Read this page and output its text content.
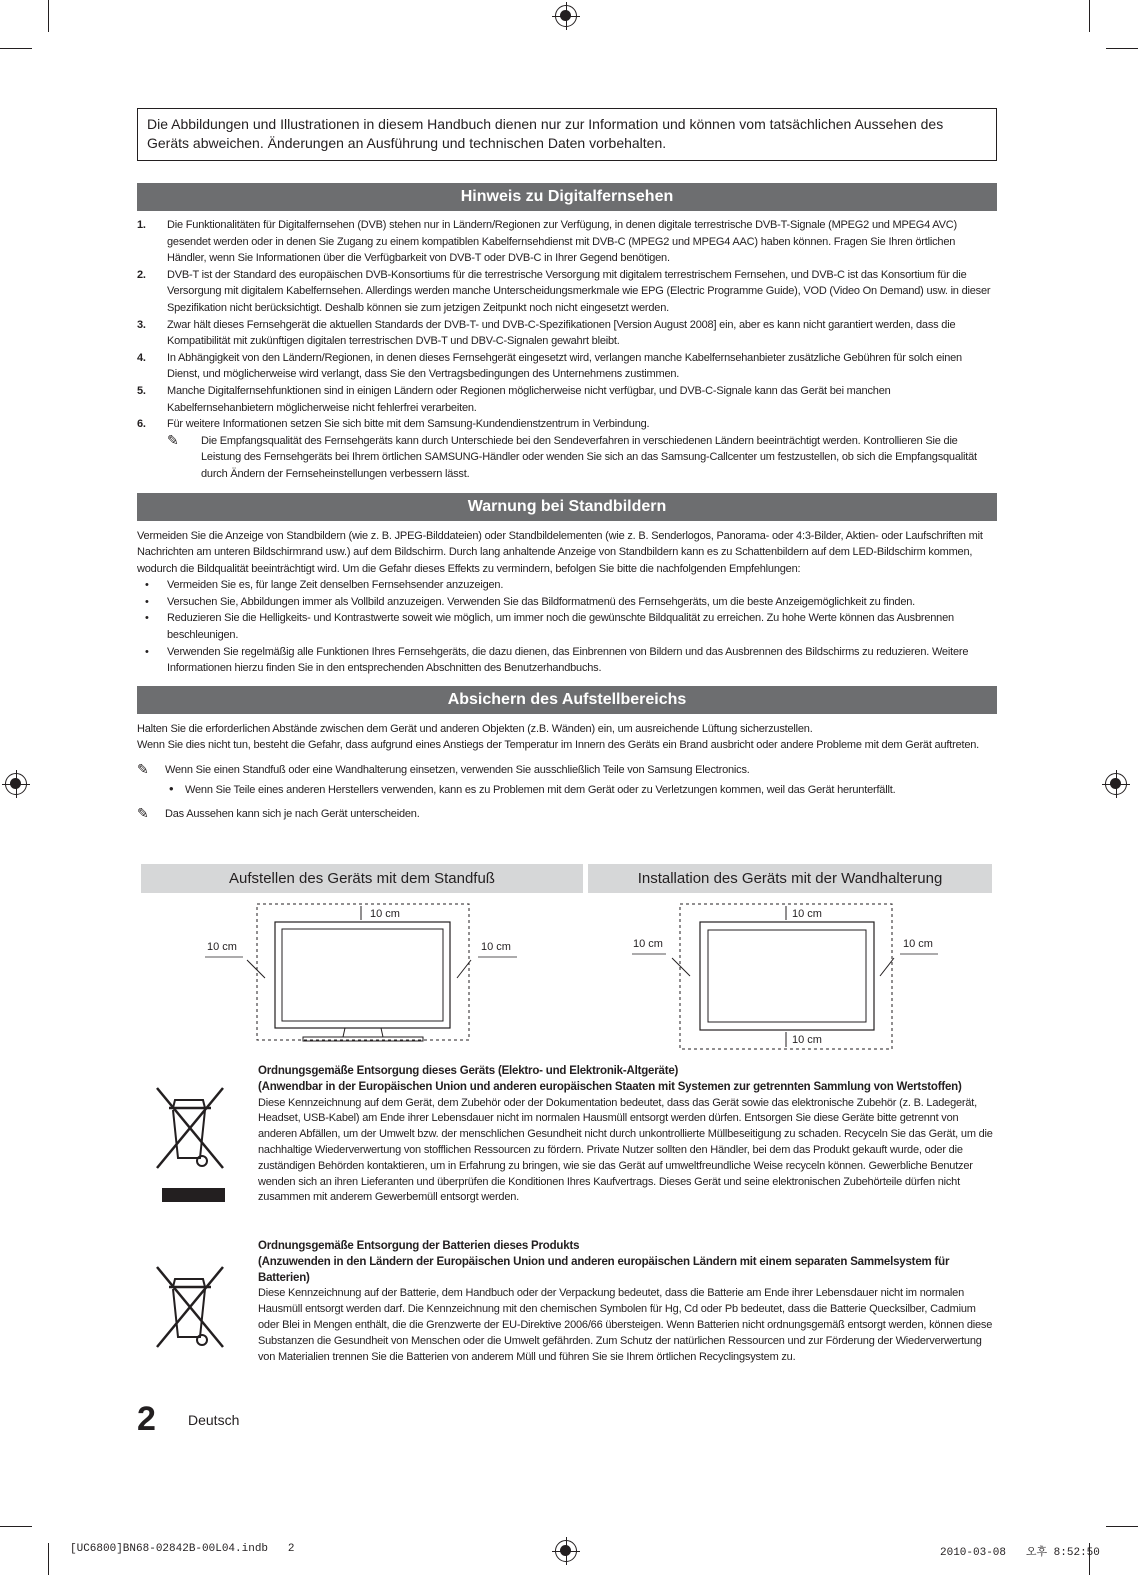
Die Abbildungen und Illustrationen in diesem Handbuch dienen nur zur Information und können vom tatsächlichen Aussehen des Geräts abweichen. Änderungen an Ausführung und technischen Daten vorbehalten.
Hinweis zu Digitalfernsehen
1. Die Funktionalitäten für Digitalfernsehen (DVB) stehen nur in Ländern/Regionen zur Verfügung, in denen digitale terrestrische DVB-T-Signale (MPEG2 und MPEG4 AVC) gesendet werden oder in denen Sie Zugang zu einem kompatiblen Kabelfernsehdienst mit DVB-C (MPEG2 und MPEG4 AAC) haben können. Fragen Sie Ihren örtlichen Händler, wenn Sie Informationen über die Verfügbarkeit von DVB-T oder DVB-C in Ihrer Gegend benötigen.
2. DVB-T ist der Standard des europäischen DVB-Konsortiums für die terrestrische Versorgung mit digitalem terrestrischem Fernsehen, und DVB-C ist das Konsortium für die Versorgung mit digitalem Kabelfernsehen. Allerdings werden manche Unterscheidungsmerkmale wie EPG (Electric Programme Guide), VOD (Video On Demand) usw. in dieser Spezifikation nicht berücksichtigt. Deshalb können sie zum jetzigen Zeitpunkt noch nicht eingesetzt werden.
3. Zwar hält dieses Fernsehgerät die aktuellen Standards der DVB-T- und DVB-C-Spezifikationen [Version August 2008] ein, aber es kann nicht garantiert werden, dass die Kompatibilität mit zukünftigen digitalen terrestrischen DVB-T und DBV-C-Signalen gewahrt bleibt.
4. In Abhängigkeit von den Ländern/Regionen, in denen dieses Fernsehgerät eingesetzt wird, verlangen manche Kabelfernsehanbieter zusätzliche Gebühren für solch einen Dienst, und möglicherweise wird verlangt, dass Sie den Vertragsbedingungen des Unternehmens zustimmen.
5. Manche Digitalfernsehfunktionen sind in einigen Ländern oder Regionen möglicherweise nicht verfügbar, und DVB-C-Signale kann das Gerät bei manchen Kabelfernsehanbietern möglicherweise nicht fehlerfrei verarbeiten.
6. Für weitere Informationen setzen Sie sich bitte mit dem Samsung-Kundendienstzentrum in Verbindung.
✎ Die Empfangsqualität des Fernsehgeräts kann durch Unterschiede bei den Sendeverfahren in verschiedenen Ländern beeinträchtigt werden. Kontrollieren Sie die Leistung des Fernsehgeräts bei Ihrem örtlichen SAMSUNG-Händler oder wenden Sie sich an das Samsung-Callcenter um festzustellen, ob sich die Empfangsqualität durch Ändern der Fernseheinstellungen verbessern lässt.
Warnung bei Standbildern

Vermeiden Sie die Anzeige von Standbildern (wie z. B. JPEG-Bilddateien) oder Standbildelementen (wie z. B. Senderlogos, Panorama- oder 4:3-Bilder, Aktien- oder Laufschriften mit Nachrichten am unteren Bildschirmrand usw.) auf dem Bildschirm. Durch lang anhaltende Anzeige von Standbildern kann es zu Schattenbildern auf dem LED-Bildschirm kommen, wodurch die Bildqualität beeinträchtigt wird. Um die Gefahr dieses Effekts zu vermindern, befolgen Sie bitte die nachfolgenden Empfehlungen:

• Vermeiden Sie es, für lange Zeit denselben Fernsehsender anzuzeigen.
• Versuchen Sie, Abbildungen immer als Vollbild anzuzeigen. Verwenden Sie das Bildformatmenü des Fernsehgeräts, um die beste Anzeigemöglichkeit zu finden.
• Reduzieren Sie die Helligkeits- und Kontrastwerte soweit wie möglich, um immer noch die gewünschte Bildqualität zu erreichen. Zu hohe Werte können das Ausbrennen beschleunigen.
• Verwenden Sie regelmäßig alle Funktionen Ihres Fernsehgeräts, die dazu dienen, das Einbrennen von Bildern und das Ausbrennen des Bildschirms zu reduzieren. Weitere Informationen hierzu finden Sie in den entsprechenden Abschnitten des Benutzerhandbuchs.
Absichern des Aufstellbereichs

Halten Sie die erforderlichen Abstände zwischen dem Gerät und anderen Objekten (z.B. Wänden) ein, um ausreichende Lüftung sicherzustellen.

Wenn Sie dies nicht tun, besteht die Gefahr, dass aufgrund eines Anstiegs der Temperatur im Innern des Geräts ein Brand ausbricht oder andere Probleme mit dem Gerät auftreten.

✎ Wenn Sie einen Standfuß oder eine Wandhalterung einsetzen, verwenden Sie ausschließlich Teile von Samsung Electronics.
• Wenn Sie Teile eines anderen Herstellers verwenden, kann es zu Problemen mit dem Gerät oder zu Verletzungen kommen, weil das Gerät herunterfällt.
✎ Das Aussehen kann sich je nach Gerät unterscheiden.
Aufstellen des Geräts mit dem Standfuß	Installation des Geräts mit der Wandhalterung
10 cm
10 cm	10 cm
10 cm
10 cm	10 cm
10 cm
Ordnungsgemäße Entsorgung dieses Geräts (Elektro- und Elektronik-Altgeräte)
(Anwendbar in der Europäischen Union und anderen europäischen Staaten mit Systemen zur getrennten Sammlung von Wertstoffen)
Diese Kennzeichnung auf dem Gerät, dem Zubehör oder der Dokumentation bedeutet, dass das Gerät sowie das elektronische Zubehör (z. B. Ladegerät, Headset, USB-Kabel) am Ende ihrer Lebensdauer nicht im normalen Hausmüll entsorgt werden dürfen. Entsorgen Sie diese Geräte bitte getrennt von anderen Abfällen, um der Umwelt bzw. der menschlichen Gesundheit nicht durch unkontrollierte Müllbeseitigung zu schaden. Recyceln Sie das Gerät, um die nachhaltige Wiederverwertung von stofflichen Ressourcen zu fördern. Private Nutzer sollten den Händler, bei dem das Produkt gekauft wurde, oder die zuständigen Behörden kontaktieren, um in Erfahrung zu bringen, wie sie das Gerät auf umweltfreundliche Weise recyceln können. Gewerbliche Benutzer wenden sich an ihren Lieferanten und überprüfen die Konditionen Ihres Kaufvertrags. Dieses Gerät und seine elektronischen Zubehörteile dürfen nicht zusammen mit anderem Gewerbemüll entsorgt werden.
Ordnungsgemäße Entsorgung der Batterien dieses Produkts
(Anzuwenden in den Ländern der Europäischen Union und anderen europäischen Ländern mit einem separaten Sammelsystem für Batterien)
Diese Kennzeichnung auf der Batterie, dem Handbuch oder der Verpackung bedeutet, dass die Batterie am Ende ihrer Lebensdauer nicht im normalen Hausmüll entsorgt werden darf. Die Kennzeichnung mit den chemischen Symbolen für Hg, Cd oder Pb bedeutet, dass die Batterie Quecksilber, Cadmium oder Blei in Mengen enthält, die die Grenzwerte der EU-Direktive 2006/66 übersteigen. Wenn Batterien nicht ordnungsgemäß entsorgt werden, können diese Substanzen die Gesundheit von Menschen oder die Umwelt gefährden. Zum Schutz der natürlichen Ressourcen und zur Förderung der Wiederverwertung von Materialien trennen Sie die Batterien von anderem Müll und führen Sie sie Ihrem örtlichen Recyclingsystem zu.
2 Deutsch
[UC6800]BN68-02842B-00L04.indb   2	2010-03-08   오후 8:52:50
